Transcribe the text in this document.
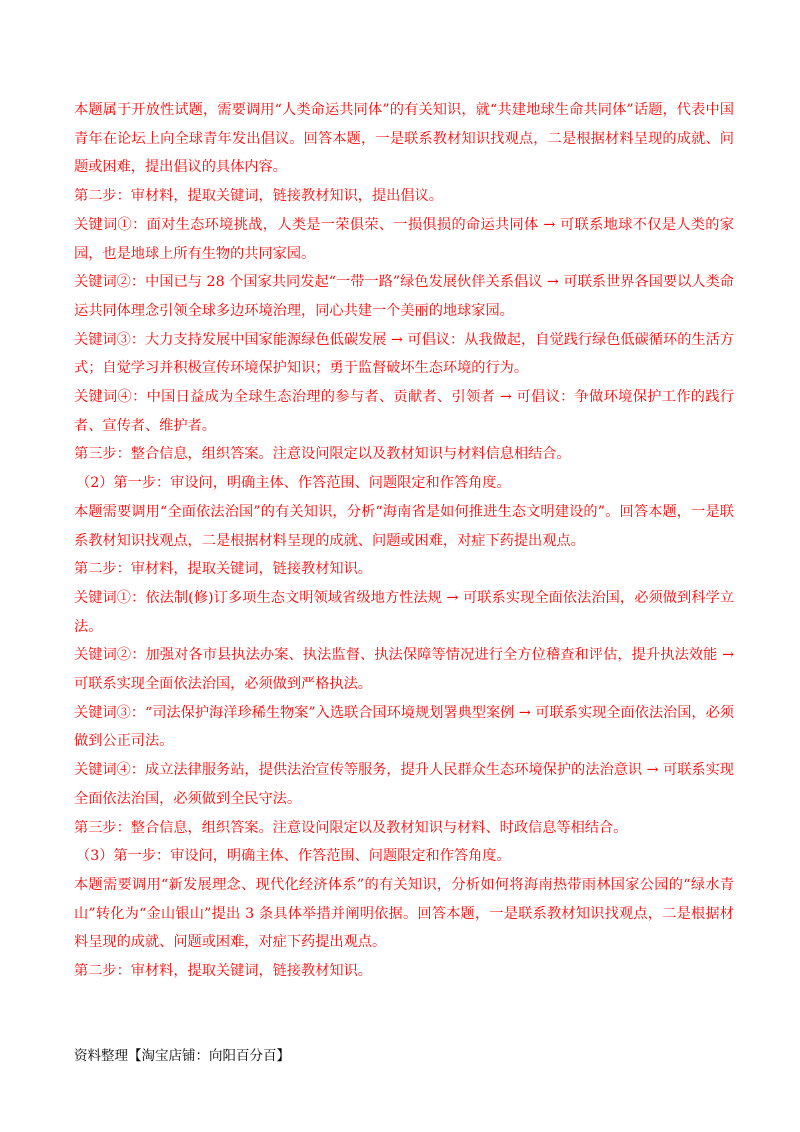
本题属于开放性试题，需要调用“人类命运共同体”的有关知识，就“共建地球生命共同体”话题，代表中国青年在论坛上向全球青年发出倡议。回答本题，一是联系教材知识找观点，二是根据材料呈现的成就、问题或困难，提出倡议的具体内容。

第二步：审材料，提取关键词，链接教材知识，提出倡议。

关键词①：面对生态环境挑战，人类是一荣俱荣、一损俱损的命运共同体 → 可联系地球不仅是人类的家园，也是地球上所有生物的共同家园。

关键词②：中国已与 28 个国家共同发起“一带一路”绿色发展伙伴关系倡议 → 可联系世界各国要以人类命运共同体理念引领全球多边环境治理，同心共建一个美丽的地球家园。

关键词③：大力支持发展中国家能源绿色低碳发展 → 可倡议：从我做起，自觉践行绿色低碳循环的生活方式；自觉学习并积极宣传环境保护知识；勇于监督破坏生态环境的行为。

关键词④：中国日益成为全球生态治理的参与者、贡献者、引领者 → 可倡议：争做环境保护工作的践行者、宣传者、维护者。

第三步：整合信息，组织答案。注意设问限定以及教材知识与材料信息相结合。

（2）第一步：审设问，明确主体、作答范围、问题限定和作答角度。

本题需要调用“全面依法治国”的有关知识，分析“海南省是如何推进生态文明建设的”。回答本题，一是联系教材知识找观点，二是根据材料呈现的成就、问题或困难，对症下药提出观点。

第二步：审材料，提取关键词，链接教材知识。

关键词①：依法制(修)订多项生态文明领域省级地方性法规 → 可联系实现全面依法治国，必须做到科学立法。

关键词②：加强对各市县执法办案、执法监督、执法保障等情况进行全方位稽查和评估，提升执法效能 → 可联系实现全面依法治国，必须做到严格执法。

关键词③：“司法保护海洋珍稀生物案”入选联合国环境规划署典型案例 → 可联系实现全面依法治国，必须做到公正司法。

关键词④：成立法律服务站，提供法治宣传等服务，提升人民群众生态环境保护的法治意识 → 可联系实现全面依法治国，必须做到全民守法。

第三步：整合信息，组织答案。注意设问限定以及教材知识与材料、时政信息等相结合。

（3）第一步：审设问，明确主体、作答范围、问题限定和作答角度。

本题需要调用“新发展理念、现代化经济体系”的有关知识，分析如何将海南热带雨林国家公园的“绿水青山”转化为“金山银山”提出 3 条具体举措并阐明依据。回答本题，一是联系教材知识找观点，二是根据材料呈现的成就、问题或困难，对症下药提出观点。

第二步：审材料，提取关键词，链接教材知识。

资料整理【淘宝店铺：向阳百分百】
